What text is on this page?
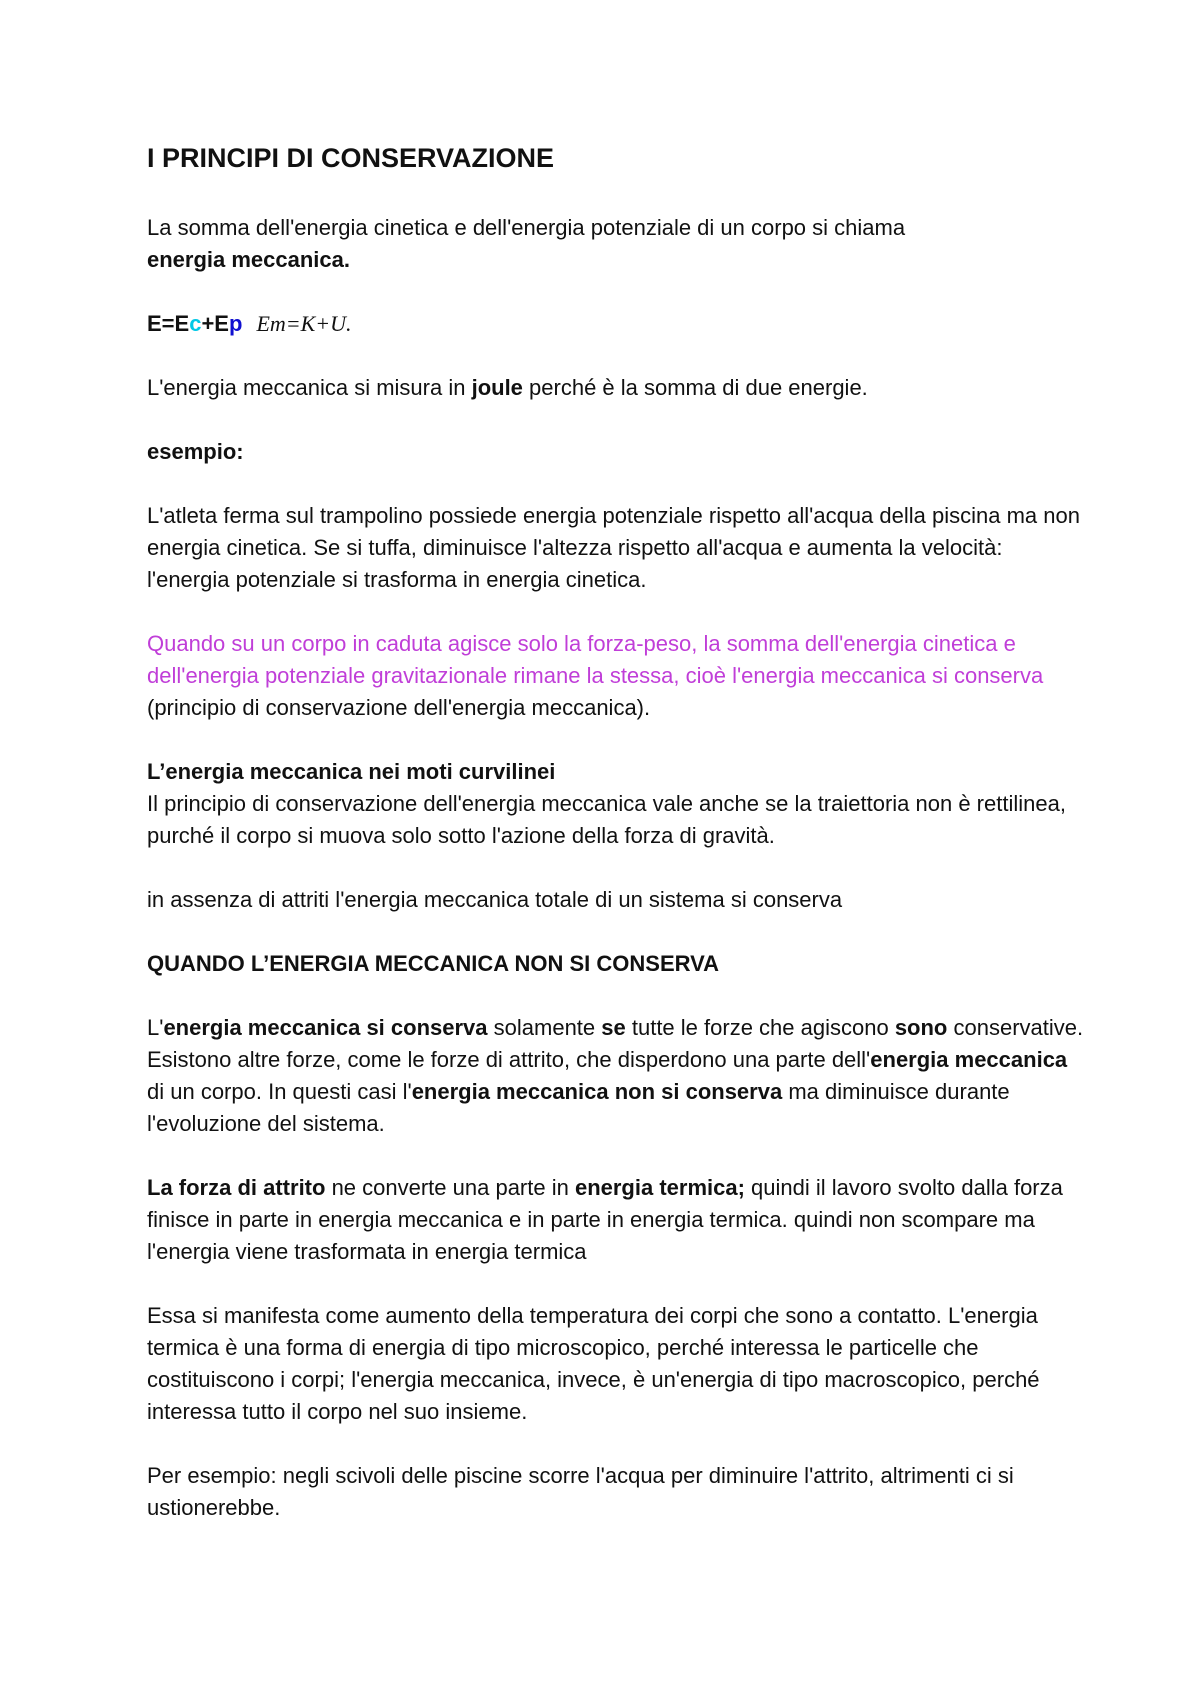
I PRINCIPI DI CONSERVAZIONE

La somma dell'energia cinetica e dell'energia potenziale di un corpo si chiama
energia meccanica.

E=Ec+Ep Em=K+U.

L'energia meccanica si misura in joule perché è la somma di due energie.

esempio:

L'atleta ferma sul trampolino possiede energia potenziale rispetto all'acqua della piscina ma non energia cinetica. Se si tuffa, diminuisce l'altezza rispetto all'acqua e aumenta la velocità: l'energia potenziale si trasforma in energia cinetica.

Quando su un corpo in caduta agisce solo la forza-peso, la somma dell'energia cinetica e dell'energia potenziale gravitazionale rimane la stessa, cioè l'energia meccanica si conserva (principio di conservazione dell'energia meccanica).

L’energia meccanica nei moti curvilinei
Il principio di conservazione dell'energia meccanica vale anche se la traiettoria non è rettilinea, purché il corpo si muova solo sotto l'azione della forza di gravità.

in assenza di attriti l'energia meccanica totale di un sistema si conserva

QUANDO L’ENERGIA MECCANICA NON SI CONSERVA

L'energia meccanica si conserva solamente se tutte le forze che agiscono sono conservative. Esistono altre forze, come le forze di attrito, che disperdono una parte dell'energia meccanica di un corpo. In questi casi l'energia meccanica non si conserva ma diminuisce durante l'evoluzione del sistema.

La forza di attrito ne converte una parte in energia termica; quindi il lavoro svolto dalla forza finisce in parte in energia meccanica e in parte in energia termica. quindi non scompare ma l'energia viene trasformata in energia termica

Essa si manifesta come aumento della temperatura dei corpi che sono a contatto. L'energia termica è una forma di energia di tipo microscopico, perché interessa le particelle che costituiscono i corpi; l'energia meccanica, invece, è un'energia di tipo macroscopico, perché interessa tutto il corpo nel suo insieme.

Per esempio: negli scivoli delle piscine scorre l'acqua per diminuire l'attrito, altrimenti ci si ustionerebbe.
